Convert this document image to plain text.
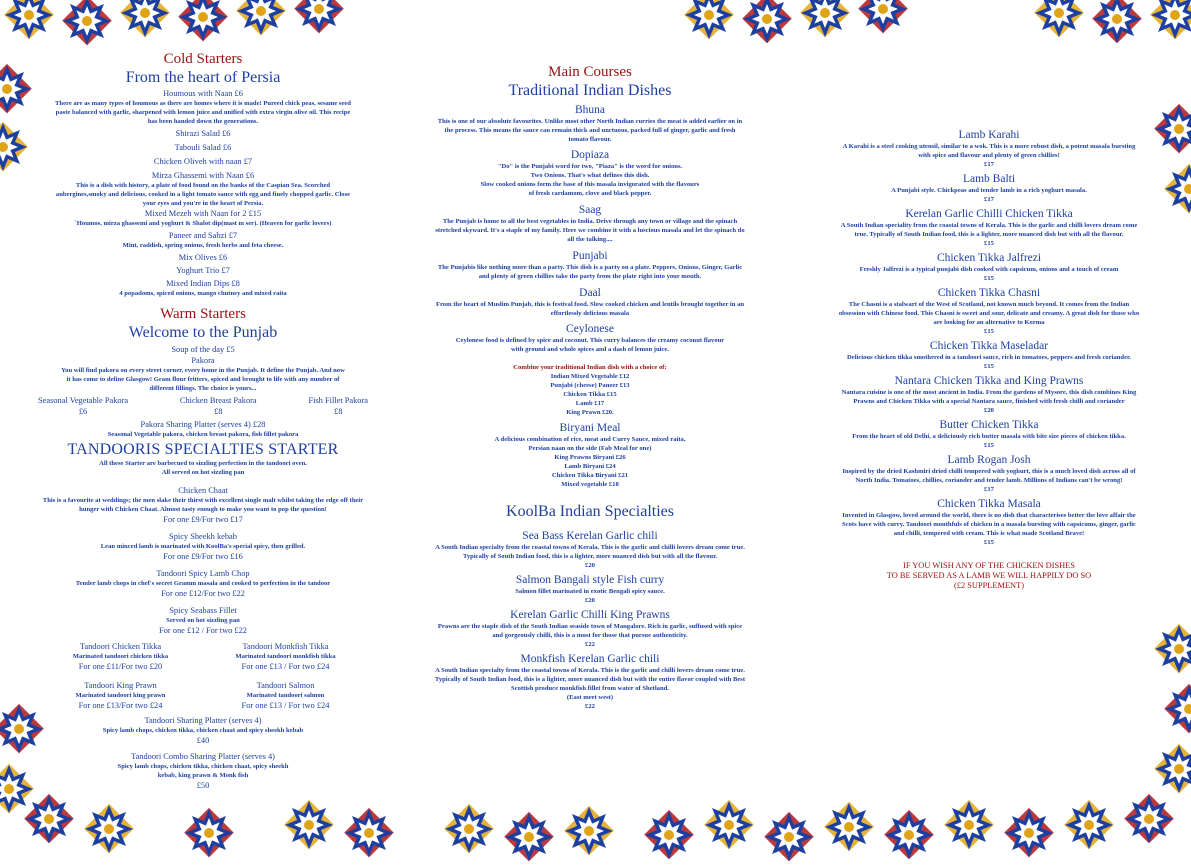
Cold Starters
From the heart of Persia
Houmous with Naan £6
There are as many types of houmous as there are homes where it is made! Pureed chick peas, sesame seed paste balanced with garlic, sharpened with lemon juice and unified with extra virgin olive oil. This recipe has been handed down the generations.
Shirazi Salad £6
Tabouli Salad £6
Chicken Oliveh with naan £7
Mirza Ghassemi with Naan £6
This is a dish with history, a plate of food found on the banks of the Caspian Sea. Scorched aubergines,smoky and delicious, cooked in a light tomato sauce with egg and finely chopped garlic. Close your eyes and you're in the heart of Persia.
Mixed Mezeh with Naan for 2 £15
`Houmos, mirza ghassemi and yoghurt & Shalot dip(mast m ser). (Heaven for garlic lovers)
Paneer and Sabzi £7
Mint, raddish, spring onions, fresh herbs and feta cheese.
Mix Olives £6
Yoghurt Trio £7
Mixed Indian Dips £8
4 popadoms, spiced onions, mango chutney and mixed raita
Warm Starters
Welcome to the Punjab
Soup of the day £5
Pakora
You will find pakora on every street corner, every home in the Punjab. It define the Punjab. And now it has come to define Glasgow! Gram flour fritters, spiced and brought to life with any number of different fillings. The choice is yours...
Seasonal Vegetable Pakora
£6
Chicken Breast Pakora
£8
Fish Fillet Pakora
£8
Pakora Sharing Platter (serves 4) £28
Seasonal Vegetable pakora, chicken breast pakora, fish fillet pakora
TANDOORIS SPECIALTIES STARTER
All these Starter are barbecued to sizzling perfection in the tandoori oven.
All served on hot sizzling pan
Chicken Chaat
This is a favourite at weddings; the men slake their thirst with excellent single malt whilst taking the edge off their hunger with Chicken Chaat. Almost tasty enough to make you want to pop the question!
For one £9/For two £17
Spicy Sheekh kebab
Lean minced lamb is marinated with KoolBa's special spicy, then grilled.
For one £9/For two £16
Tandoori Spicy Lamb Chop
Tender lamb chops in chef's secret Gramm masala and cooked to perfection in the tandoor
For one £12/For two £22
Spicy Seabass Fillet
Served on hot sizzling pan
For one £12 / For two £22
Tandoori Chicken Tikka
Marinated tandoori chicken tikka
For one £11/For two £20
Tandoori Monkfish Tikka
Marinated tandoori monkfish tikka
For one £13 / For two £24
Tandoori King Prawn
Marinated tandoori king prawn
For one £13/For two £24
Tandoori Salmon
Marinated tandoori salmon
For one £13 / For two £24
Tandoori Sharing Platter (serves 4)
Spicy lamb chops, chicken tikka, chicken chaat and spicy sheekh kebab
£40
Tandoori Combo Sharing Platter (serves 4)
Spicy lamb chops, chicken tikka, chicken chaat, spicy sheekh
kebab, king prawn & Monk fish
£50
Main Courses
Traditional Indian Dishes
Bhuna
This is one of our absolute favourites. Unlike most other North Indian curries the meat is added earlier on in the process. This means the sauce can remain thick and unctuous, packed full of ginger, garlic and fresh tomato flavour.
Dopiaza
"Do" is the Punjabi word for two, "Piaza" is the word for onions.
Two Onions. That's what defines this dish.
Slow cooked onions form the base of this masala invigorated with the flavours of fresh cardamom, clove and black pepper.
Saag
The Punjab is home to all the best vegetables in India. Drive through any town or village and the spinach stretched skyward. It's a staple of my family. Here we combine it with a luscious masala and let the spinach do all the talking....
Punjabi
The Punjabis like nothing more than a party. This dish is a party on a plate. Peppers, Onions, Ginger, Garlic and plenty of green chillies take the party from the plate right into your mouth.
Daal
From the heart of Muslim Punjab, this is festival food. Slow cooked chicken and lentils brought together in an effortlessly delicious masala
Ceylonese
Ceylonese food is defined by spice and coconut. This curry balances the creamy coconut flavour with ground and whole spices and a dash of lemon juice.
Combine your traditional Indian dish with a choice of:
Indian Mixed Vegetable £12
Punjabi (cheese) Paneer £13
Chicken Tikka £15
Lamb £17
King Prawn £20.
Biryani Meal
A delicious combination of rice, meat and Curry Sauce, mixed raita,
Persian naan on the side (Fab Meal for one)
King Prawns Biryani £26
Lamb Biryani £24
Chicken Tikka Biryani £21
Mixed vegetable £18
KoolBa Indian Specialties
Sea Bass Kerelan Garlic chili
A South Indian specialty from the coastal towns of Kerala. This is the garlic and chilli lovers dream come true. Typically of South Indian food, this is a lighter, more nuanced dish but with all the flavour.
£20
Salmon Bangali style Fish curry
Salmon fillet marinated in exotic Bengali spicy sauce.
£20
Kerelan Garlic Chilli King Prawns
Prawns are the staple dish of the South Indian seaside town of Mangalore. Rich in garlic, suffused with spice and gorgeously chilli, this is a must for those that pursue authenticity.
£22
Monkfish Kerelan Garlic chili
A South Indian specialty from the coastal towns of Kerala. This is the garlic and chilli lovers dream come true. Typically of South Indian food, this is a lighter, more nuanced dish but with the entire flavor coupled with Best Scottish produce monkfish fillet from water of Shetland.
(East meet west)
£22
Lamb Karahi
A Karahi is a steel cooking utensil, similar to a wok. This is a more robust dish, a potent masala bursting with spice and flavour and plenty of green chillies!
£17
Lamb Balti
A Punjabi style. Chickpeas and tender lamb in a rich yoghurt masala.
£17
Kerelan Garlic Chilli Chicken Tikka
A South Indian speciality from the coastal towns of Kerala. This is the garlic and chilli lovers dream come true. Typically of South Indian food, this is a lighter, more nuanced dish but with all the flavour.
£15
Chicken Tikka Jalfrezi
Freshly Jalfrezi is a typical punjabi dish cooked with capsicum, onions and a touch of cream
£15
Chicken Tikka Chasni
The Chasni is a stalwart of the West of Scotland, not known much beyond. It comes from the Indian obsession with Chinese food. This Chasni is sweet and sour, delicate and creamy. A great dish for those who are looking for an alternative to Korma
£15
Chicken Tikka Maseladar
Delicious chicken tikka smothered in a tandoori sauce, rich in tomatoes, peppers and fresh coriander.
£15
Nantara Chicken Tikka and King Prawns
Nantara cuisine is one of the most ancient in India. From the gardens of Mysore, this dish combines King Prawns and Chicken Tikka with a special Nantara sauce, finished with fresh chilli and coriander
£20
Butter Chicken Tikka
From the heart of old Delhi, a deliciously rich butter masala with bite size pieces of chicken tikka.
£15
Lamb Rogan Josh
Inspired by the dried Kashmiri dried chilli tempered with yoghurt, this is a much loved dish across all of North India. Tomatoes, chillies, coriander and tender lamb. Millions of Indians can't be wrong!
£17
Chicken Tikka Masala
Invented in Glasgow, loved around the world, there is no dish that characterises better the love affair the Scots have with curry. Tandoori mouthfuls of chicken in a masala bursting with capsicums, ginger, garlic and chilli, tempered with cream. This is what made Scotland Brave!
£15
IF YOU WISH ANY OF THE CHICKEN DISHES
TO BE SERVED AS A LAMB WE WILL HAPPILY DO SO
(£2 SUPPLEMENT)
